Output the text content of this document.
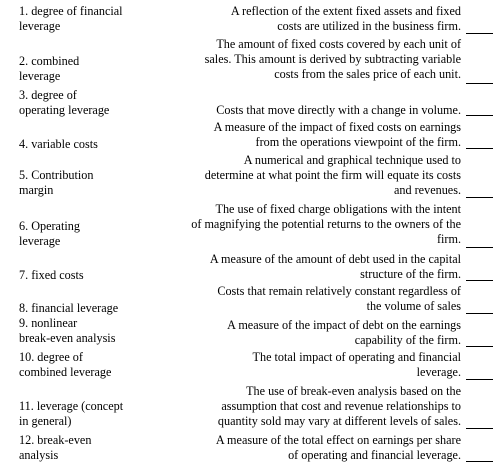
1. degree of financial
leverage
2. combined
leverage
3. degree of
operating leverage
4. variable costs
5. Contribution
margin
6. Operating
leverage
7. fixed costs
8. financial leverage
9. nonlinear
break-even analysis
10. degree of
combined leverage
11. leverage (concept
in general)
12. break-even
analysis
A reflection of the extent fixed assets and fixed
costs are utilized in the business firm.
The amount of fixed costs covered by each unit of
sales. This amount is derived by subtracting variable
costs from the sales price of each unit.
Costs that move directly with a change in volume.
A measure of the impact of fixed costs on earnings
from the operations viewpoint of the firm.
A numerical and graphical technique used to
determine at what point the firm will equate its costs
and revenues.
The use of fixed charge obligations with the intent
of magnifying the potential returns to the owners of the
firm.
A measure of the amount of debt used in the capital
structure of the firm.
Costs that remain relatively constant regardless of
the volume of sales
A measure of the impact of debt on the earnings
capability of the firm.
The total impact of operating and financial
leverage.
The use of break-even analysis based on the
assumption that cost and revenue relationships to
quantity sold may vary at different levels of sales.
A measure of the total effect on earnings per share
of operating and financial leverage.
